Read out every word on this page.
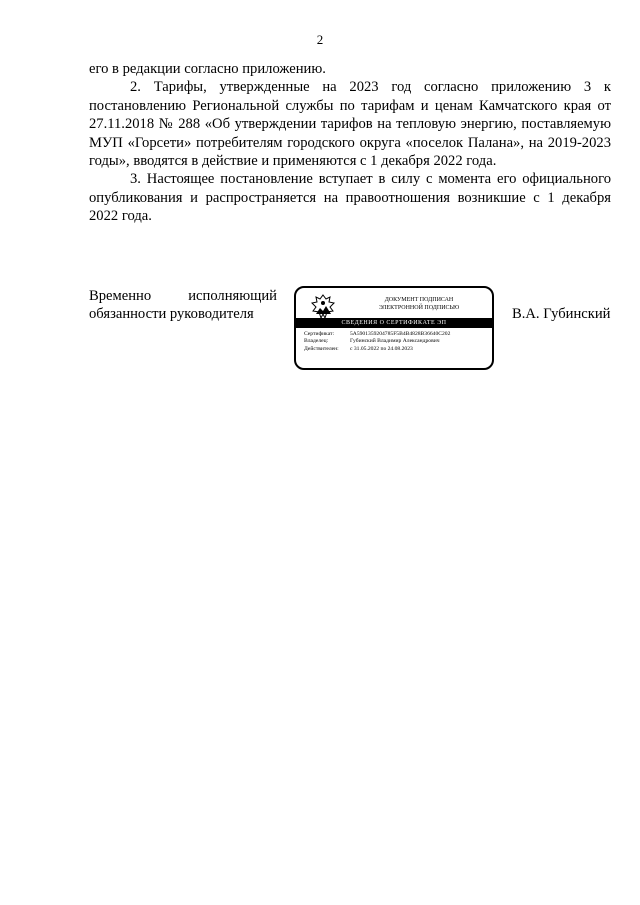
2

его в редакции согласно приложению.

2. Тарифы, утвержденные на 2023 год согласно приложению 3 к постановлению Региональной службы по тарифам и ценам Камчатского края от 27.11.2018 № 288 «Об утверждении тарифов на тепловую энергию, поставляемую МУП «Горсети» потребителям городского округа «поселок Палана», на 2019-2023 годы», вводятся в действие и применяются с 1 декабря 2022 года.

3. Настоящее постановление вступает в силу с момента его официального опубликования и распространяется на правоотношения возникшие с 1 декабря 2022 года.

Временно	исполняющий
обязанности руководителя
ДОКУМЕНТ ПОДПИСАН
ЭЛЕКТРОННОЙ ПОДПИСЬЮ
СВЕДЕНИЯ О СЕРТИФИКАТЕ ЭП
Сертификат:	5A5901359204785F5B4B4828B36640C202
Владелец:	Губинский Владимир Александрович
Действителен:	с 31.05.2022 по 24.08.2023
В.А. Губинский
